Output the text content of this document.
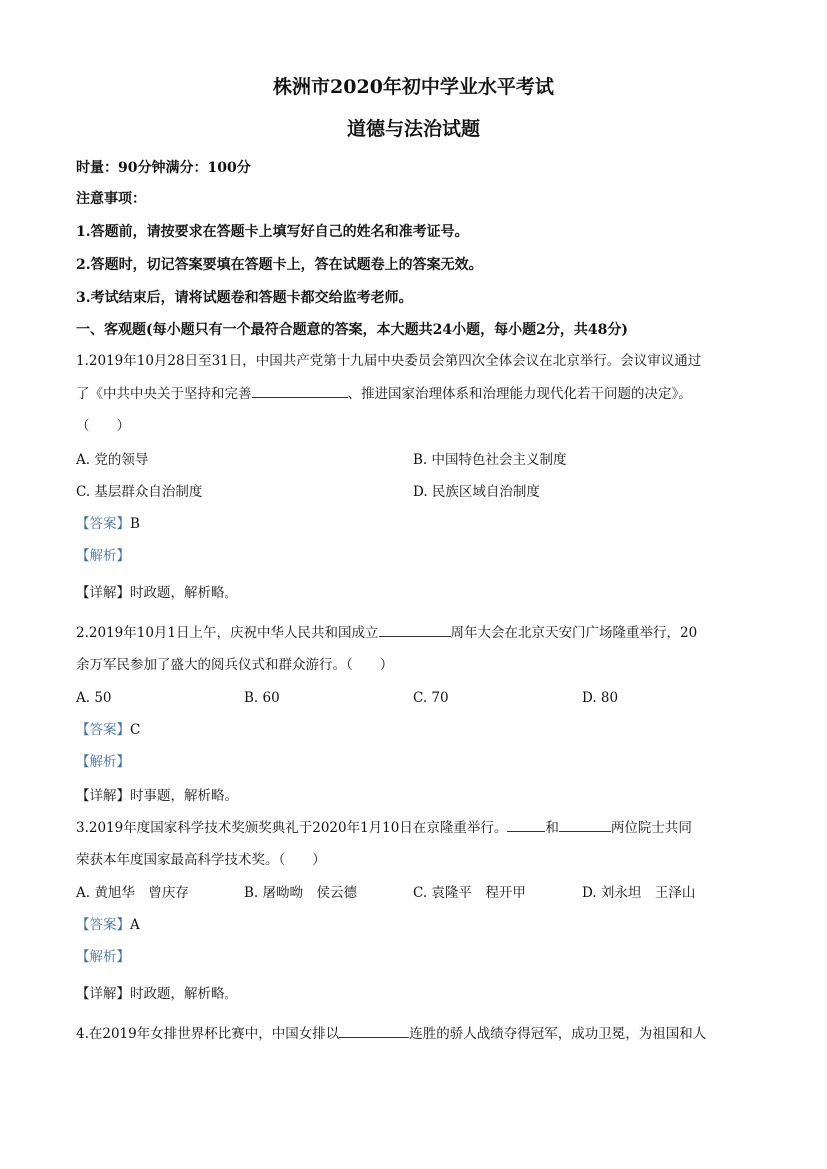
株洲市2020年初中学业水平考试
道德与法治试题
时量：90分钟满分：100分
注意事项：
1.答题前，请按要求在答题卡上填写好自己的姓名和准考证号。
2.答题时，切记答案要填在答题卡上，答在试题卷上的答案无效。
3.考试结束后，请将试题卷和答题卡都交给监考老师。
一、客观题(每小题只有一个最符合题意的答案，本大题共24小题，每小题2分，共48分)
1.2019年10月28日至31日，中国共产党第十九届中央委员会第四次全体会议在北京举行。会议审议通过
了《中共中央关于坚持和完善	、推进国家治理体系和治理能力现代化若干问题的决定》。
（　　）
A. 党的领导	B. 中国特色社会主义制度
C. 基层群众自治制度	D. 民族区域自治制度
【答案】B
【解析】
【详解】时政题，解析略。
2.2019年10月1日上午，庆祝中华人民共和国成立	周年大会在北京天安门广场隆重举行，20
余万军民参加了盛大的阅兵仪式和群众游行。（　　）
A. 50	B. 60	C. 70	D. 80
【答案】C
【解析】
【详解】时事题，解析略。
3.2019年度国家科学技术奖颁奖典礼于2020年1月10日在京隆重举行。	和	两位院士共同
荣获本年度国家最高科学技术奖。（　　）
A. 黄旭华　曾庆存	B. 屠呦呦　侯云德	C. 袁隆平　程开甲	D. 刘永坦　王泽山
【答案】A
【解析】
【详解】时政题，解析略。
4.在2019年女排世界杯比赛中，中国女排以	连胜的骄人战绩夺得冠军，成功卫冕，为祖国和人
